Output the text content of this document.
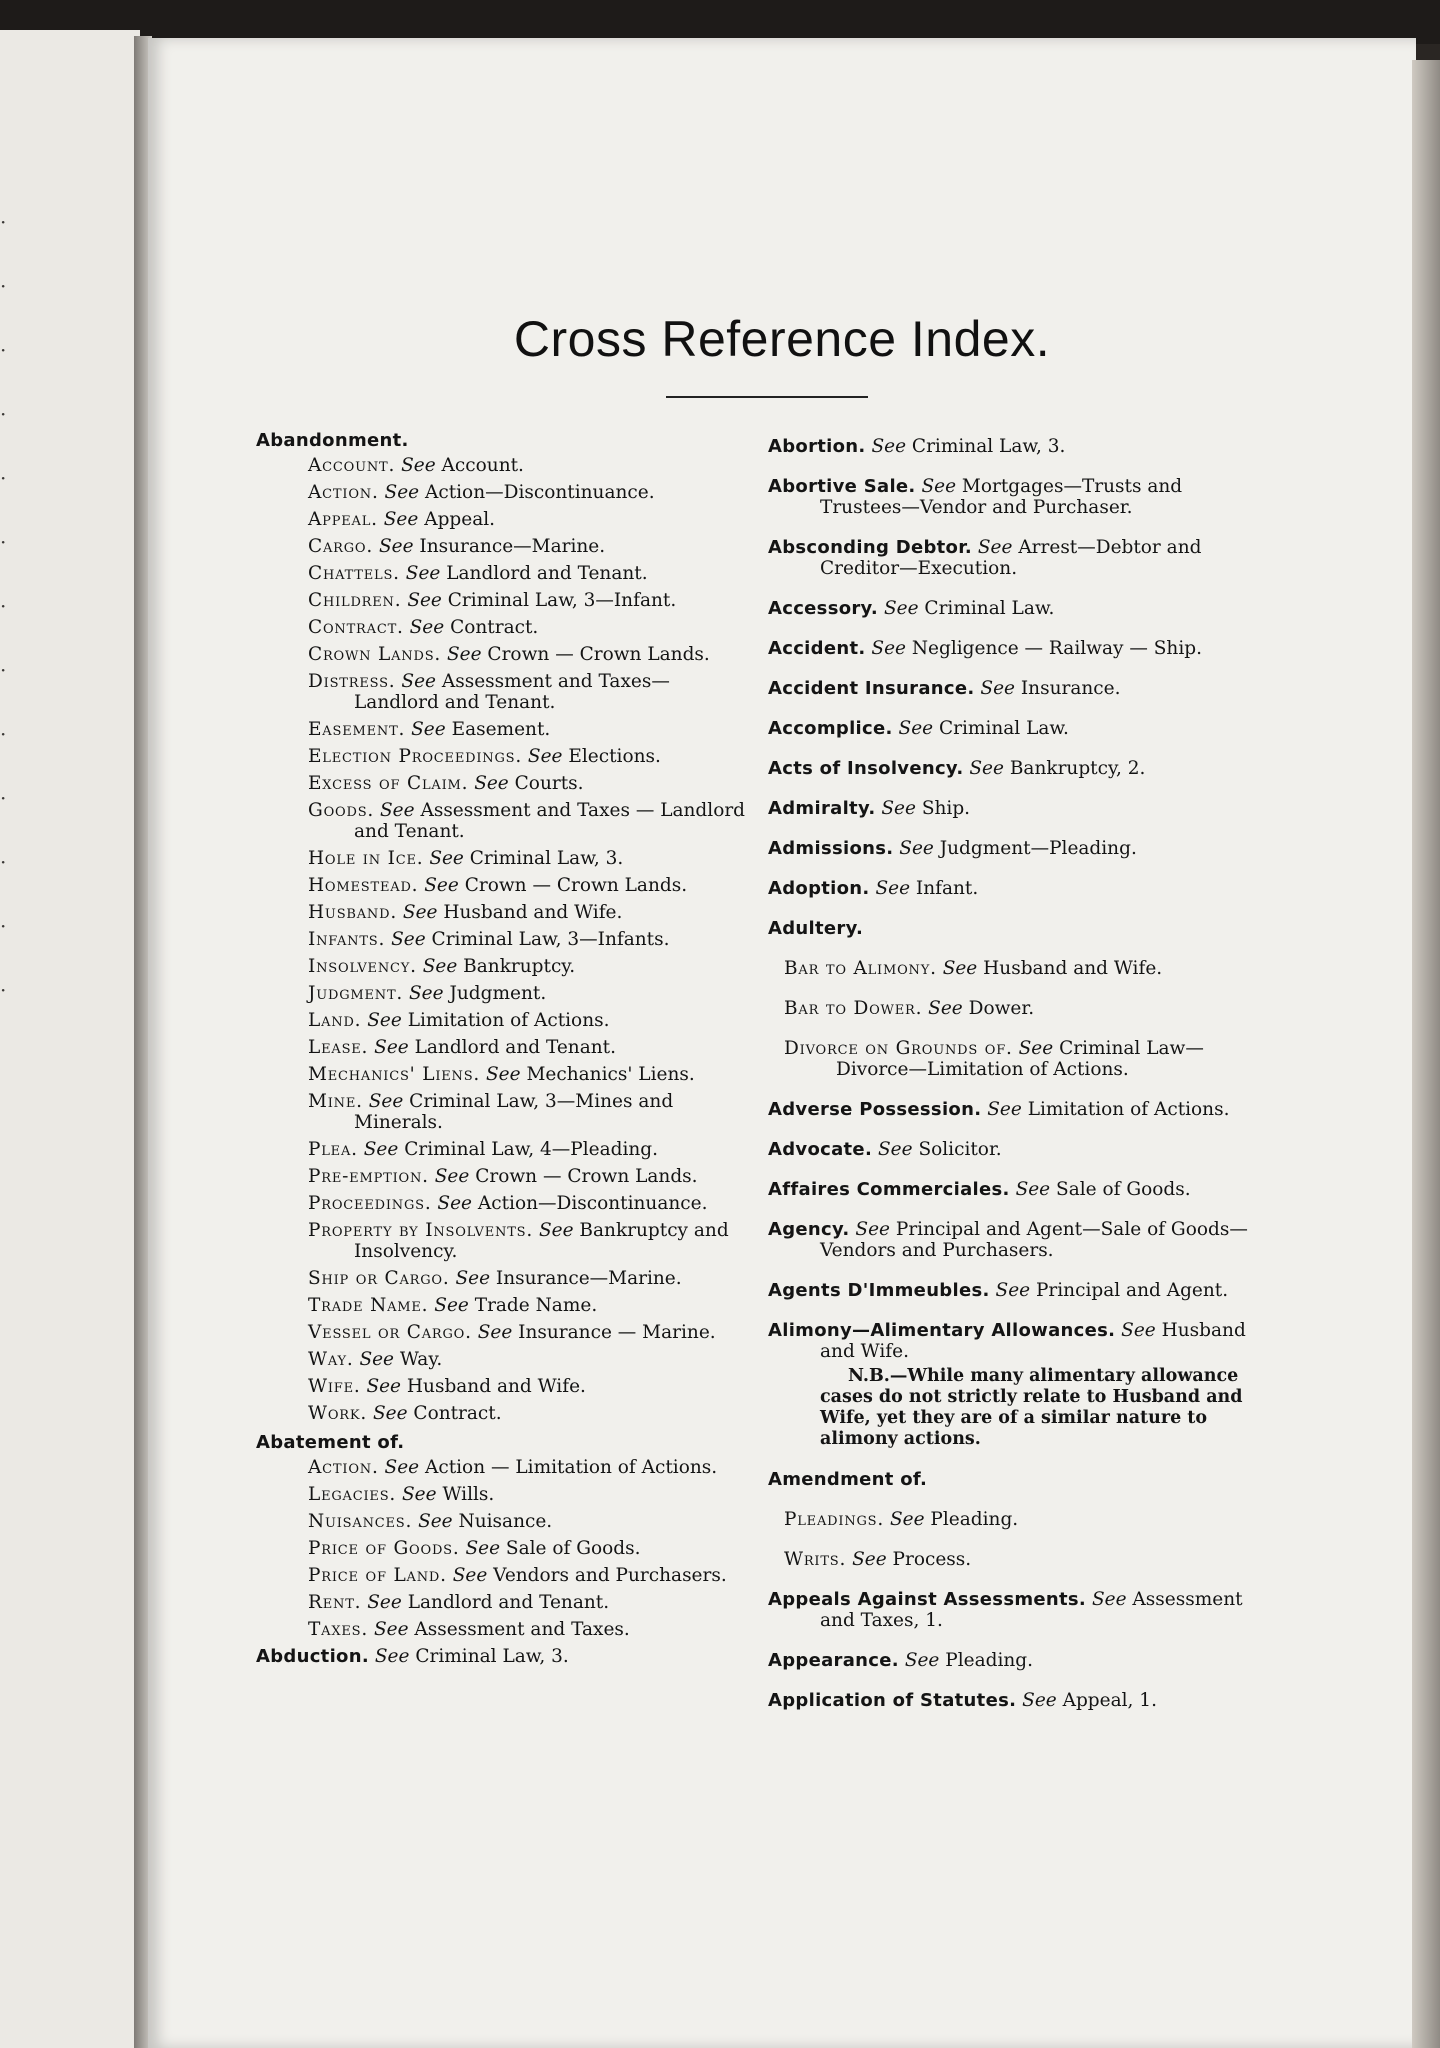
·
·
·
·
·
·
·
·
·
·
·
·
·
Cross Reference Index.
Abandonment.
Account. See Account.
Action. See Action—Discontinuance.
Appeal. See Appeal.
Cargo. See Insurance—Marine.
Chattels. See Landlord and Tenant.
Children. See Criminal Law, 3—Infant.
Contract. See Contract.
Crown Lands. See Crown — Crown Lands.
Distress. See Assessment and Taxes—Landlord and Tenant.
Easement. See Easement.
Election Proceedings. See Elections.
Excess of Claim. See Courts.
Goods. See Assessment and Taxes — Landlord and Tenant.
Hole in Ice. See Criminal Law, 3.
Homestead. See Crown — Crown Lands.
Husband. See Husband and Wife.
Infants. See Criminal Law, 3—Infants.
Insolvency. See Bankruptcy.
Judgment. See Judgment.
Land. See Limitation of Actions.
Lease. See Landlord and Tenant.
Mechanics' Liens. See Mechanics' Liens.
Mine. See Criminal Law, 3—Mines and Minerals.
Plea. See Criminal Law, 4—Pleading.
Pre-emption. See Crown — Crown Lands.
Proceedings. See Action—Discontinuance.
Property by Insolvents. See Bankruptcy and Insolvency.
Ship or Cargo. See Insurance—Marine.
Trade Name. See Trade Name.
Vessel or Cargo. See Insurance — Marine.
Way. See Way.
Wife. See Husband and Wife.
Work. See Contract.
Abatement of.
Action. See Action — Limitation of Actions.
Legacies. See Wills.
Nuisances. See Nuisance.
Price of Goods. See Sale of Goods.
Price of Land. See Vendors and Purchasers.
Rent. See Landlord and Tenant.
Taxes. See Assessment and Taxes.
Abduction. See Criminal Law, 3.
Abortion. See Criminal Law, 3.
Abortive Sale. See Mortgages—Trusts and Trustees—Vendor and Purchaser.
Absconding Debtor. See Arrest—Debtor and Creditor—Execution.
Accessory. See Criminal Law.
Accident. See Negligence — Railway — Ship.
Accident Insurance. See Insurance.
Accomplice. See Criminal Law.
Acts of Insolvency. See Bankruptcy, 2.
Admiralty. See Ship.
Admissions. See Judgment—Pleading.
Adoption. See Infant.
Adultery.
Bar to Alimony. See Husband and Wife.
Bar to Dower. See Dower.
Divorce on Grounds of. See Criminal Law—Divorce—Limitation of Actions.
Adverse Possession. See Limitation of Actions.
Advocate. See Solicitor.
Affaires Commerciales. See Sale of Goods.
Agency. See Principal and Agent—Sale of Goods—Vendors and Purchasers.
Agents D'Immeubles. See Principal and Agent.
Alimony—Alimentary Allowances. See Husband and Wife.
N.B.—While many alimentary allowance cases do not strictly relate to Husband and Wife, yet they are of a similar nature to alimony actions.
Amendment of.
Pleadings. See Pleading.
Writs. See Process.
Appeals Against Assessments. See Assessment and Taxes, 1.
Appearance. See Pleading.
Application of Statutes. See Appeal, 1.
